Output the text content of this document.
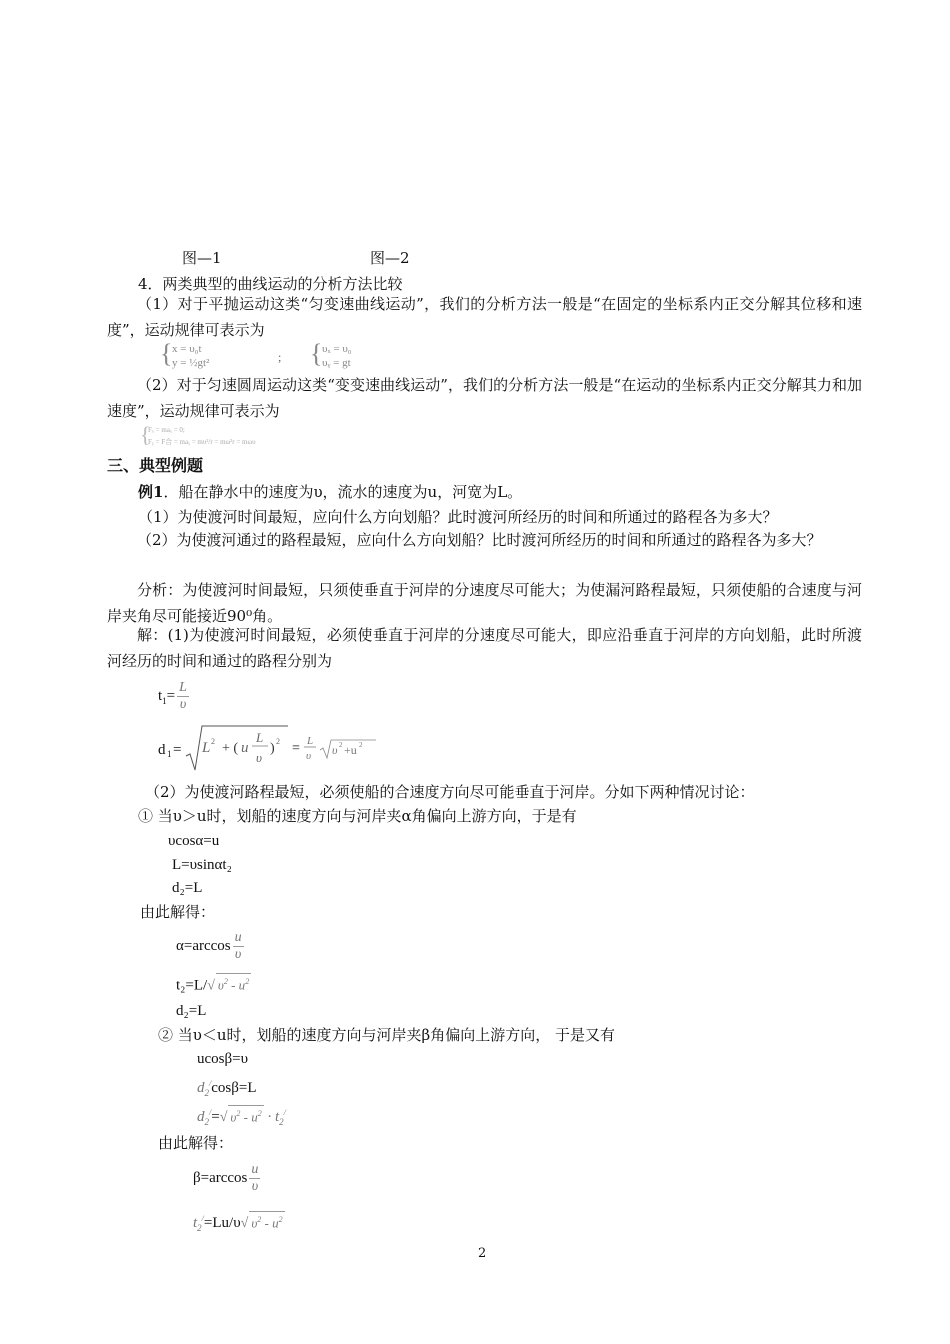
图—1	图—2
4．两类典型的曲线运动的分析方法比较
（1）对于平抛运动这类“匀变速曲线运动”，我们的分析方法一般是“在固定的坐标系内正交分解其位移和速度”，运动规律可表示为
{ x = υ₀t
y = ½gt²	; { υₓ = υ₀
υᵧ = gt
（2）对于匀速圆周运动这类“变变速曲线运动”，我们的分析方法一般是“在运动的坐标系内正交分解其力和加速度”，运动规律可表示为
{
Fₓ = maₓ = 0;
Fᵧ = F合 = maᵧ = mυ²/r = mω²r = mωυ
三、典型例题
例1．船在静水中的速度为υ，流水的速度为u，河宽为L。
（1）为使渡河时间最短，应向什么方向划船？此时渡河所经历的时间和所通过的路程各为多大？
（2）为使渡河通过的路程最短，应向什么方向划船？比时渡河所经历的时间和所通过的路程各为多大？
分析：为使渡河时间最短，只须使垂直于河岸的分速度尽可能大；为使漏河路程最短，只须使船的合速度与河岸夹角尽可能接近90⁰角。
解：(1)为使渡河时间最短，必须使垂直于河岸的分速度尽可能大，即应沿垂直于河岸的方向划船，此时所渡河经历的时间和通过的路程分别为
$t_1= \frac{L}{\upsilon}$
d 1 = L 2 + ( u
L
υ
) 2 = L
υ υ 2 +u 2
（2）为使渡河路程最短，必须使船的合速度方向尽可能垂直于河岸。分如下两种情况讨论：
① 当υ＞u时，划船的速度方向与河岸夹α角偏向上游方向，于是有
υcosα=u
L=υsinαt₂
d₂=L
由此解得：
$\alpha=\arccos \frac{u}{\upsilon}$
t₂=L/√ $\upsilon^2 - u^2$
d₂=L
② 当υ＜u时，划船的速度方向与河岸夹β角偏向上游方向， 于是又有
ucosβ=υ
$d_2^/\cos\beta=L$
$d_2^/=√$ $\upsilon^2 - u^2 \cdot t_2^/$
由此解得：
$\beta=\arccos \frac{u}{\upsilon}$
$t_2^/=Lu/\upsilon√$ $\upsilon^2 - u^2$
2
